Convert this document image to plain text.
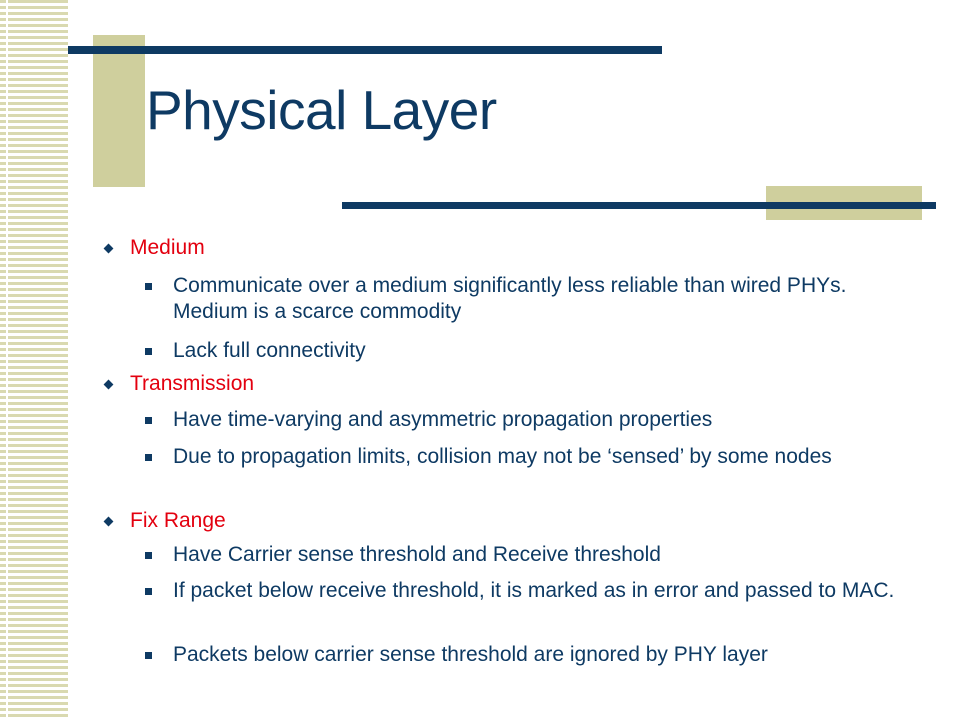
Physical Layer
Medium
Communicate over a medium significantly less reliable than wired PHYs. Medium is a scarce commodity
Lack full connectivity
Transmission
Have time-varying and asymmetric propagation properties
Due to propagation limits, collision may not be ‘sensed’ by some nodes
Fix Range
Have Carrier sense threshold and Receive threshold
If packet below receive threshold, it is marked as in error and passed to MAC.
Packets below carrier sense threshold are ignored by PHY layer
